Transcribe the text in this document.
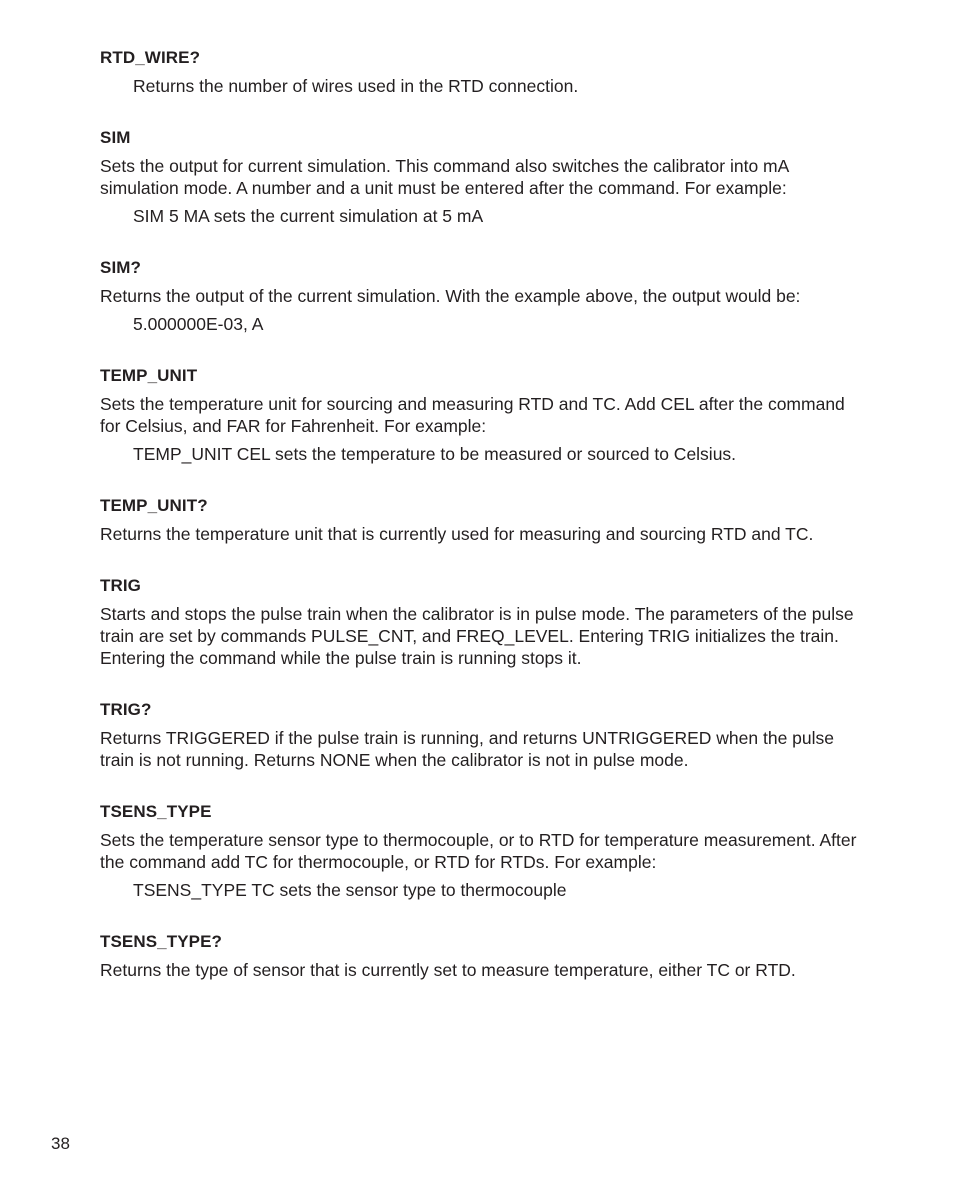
RTD_WIRE?

Returns the number of wires used in the RTD connection.

SIM

Sets the output for current simulation. This command also switches the calibrator into mA simulation mode. A number and a unit must be entered after the command. For example:

SIM 5 MA sets the current simulation at 5 mA

SIM?

Returns the output of the current simulation. With the example above, the output would be:

5.000000E-03, A

TEMP_UNIT

Sets the temperature unit for sourcing and measuring RTD and TC. Add CEL after the command for Celsius, and FAR for Fahrenheit. For example:

TEMP_UNIT CEL sets the temperature to be measured or sourced to Celsius.

TEMP_UNIT?

Returns the temperature unit that is currently used for measuring and sourcing RTD and TC.

TRIG

Starts and stops the pulse train when the calibrator is in pulse mode. The parameters of the pulse train are set by commands PULSE_CNT, and FREQ_LEVEL. Entering TRIG initializes the train. Entering the command while the pulse train is running stops it.

TRIG?

Returns TRIGGERED if the pulse train is running, and returns UNTRIGGERED when the pulse train is not running. Returns NONE when the calibrator is not in pulse mode.

TSENS_TYPE

Sets the temperature sensor type to thermocouple, or to RTD for temperature measurement. After the command add TC for thermocouple, or RTD for RTDs. For example:

TSENS_TYPE TC sets the sensor type to thermocouple

TSENS_TYPE?

Returns the type of sensor that is currently set to measure temperature, either TC or RTD.

38
